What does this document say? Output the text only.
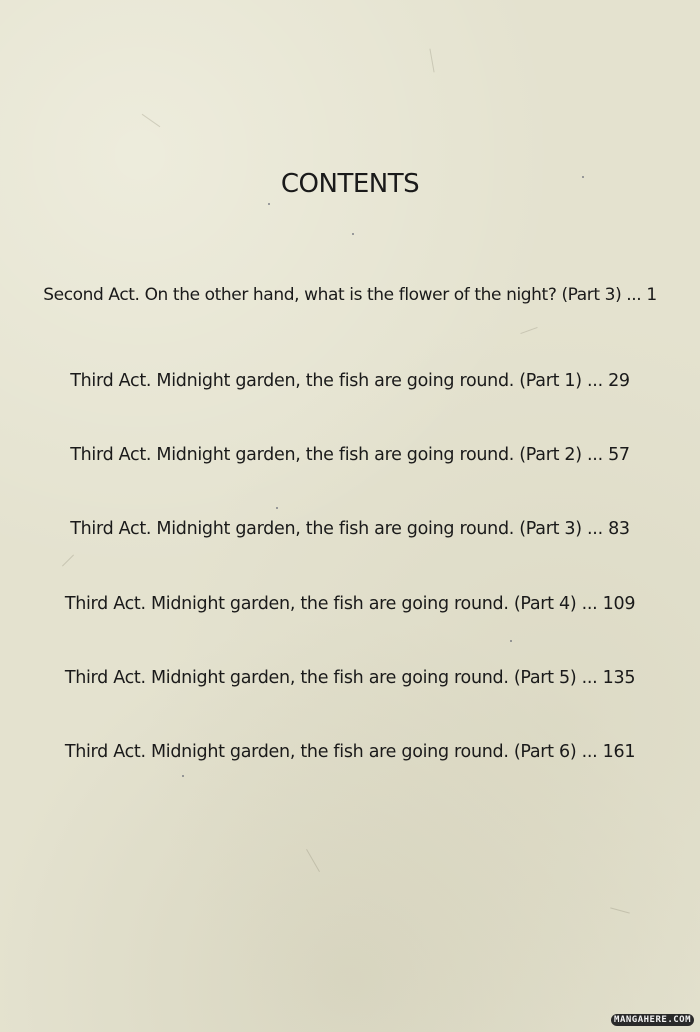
CONTENTS
Second Act. On the other hand, what is the flower of the night? (Part 3) ... 1
Third Act. Midnight garden, the fish are going round. (Part 1) ... 29
Third Act. Midnight garden, the fish are going round. (Part 2) ... 57
Third Act. Midnight garden, the fish are going round. (Part 3) ... 83
Third Act. Midnight garden, the fish are going round. (Part 4) ... 109
Third Act. Midnight garden, the fish are going round. (Part 5) ... 135
Third Act. Midnight garden, the fish are going round. (Part 6) ... 161
MANGAHERE.COM
